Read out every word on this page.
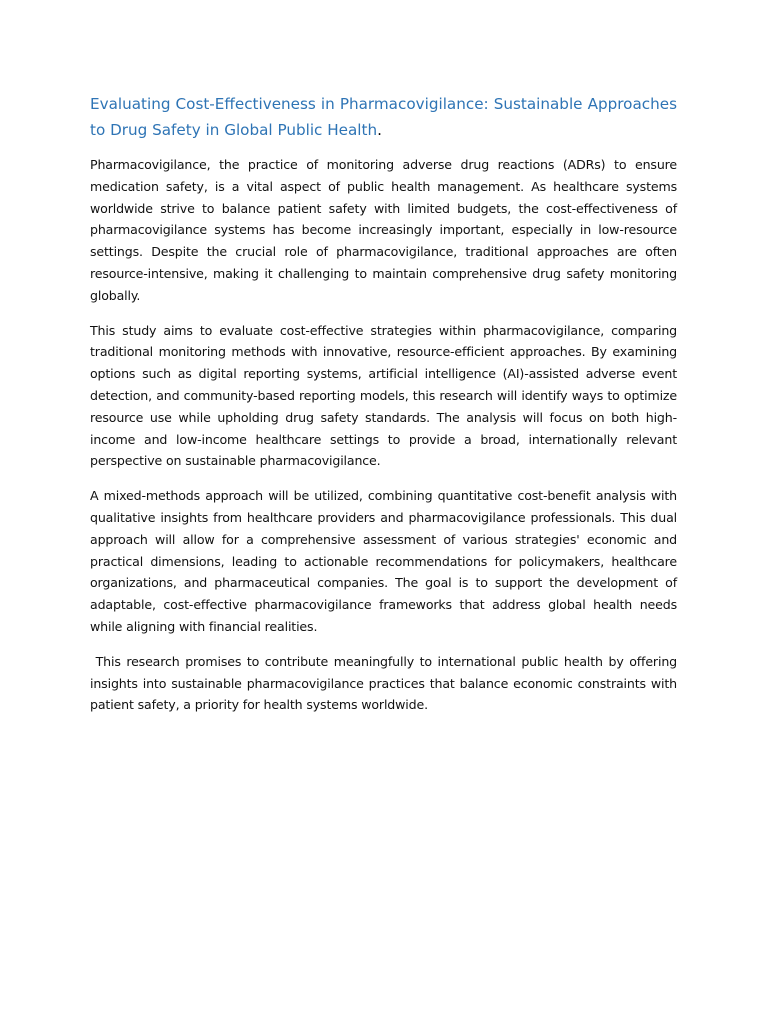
Evaluating Cost-Effectiveness in Pharmacovigilance: Sustainable Approaches to Drug Safety in Global Public Health.

Pharmacovigilance, the practice of monitoring adverse drug reactions (ADRs) to ensure medication safety, is a vital aspect of public health management. As healthcare systems worldwide strive to balance patient safety with limited budgets, the cost-effectiveness of pharmacovigilance systems has become increasingly important, especially in low-resource settings. Despite the crucial role of pharmacovigilance, traditional approaches are often resource-intensive, making it challenging to maintain comprehensive drug safety monitoring globally.

This study aims to evaluate cost-effective strategies within pharmacovigilance, comparing traditional monitoring methods with innovative, resource-efficient approaches. By examining options such as digital reporting systems, artificial intelligence (AI)-assisted adverse event detection, and community-based reporting models, this research will identify ways to optimize resource use while upholding drug safety standards. The analysis will focus on both high-income and low-income healthcare settings to provide a broad, internationally relevant perspective on sustainable pharmacovigilance.

A mixed-methods approach will be utilized, combining quantitative cost-benefit analysis with qualitative insights from healthcare providers and pharmacovigilance professionals. This dual approach will allow for a comprehensive assessment of various strategies' economic and practical dimensions, leading to actionable recommendations for policymakers, healthcare organizations, and pharmaceutical companies. The goal is to support the development of adaptable, cost-effective pharmacovigilance frameworks that address global health needs while aligning with financial realities.

This research promises to contribute meaningfully to international public health by offering insights into sustainable pharmacovigilance practices that balance economic constraints with patient safety, a priority for health systems worldwide.
